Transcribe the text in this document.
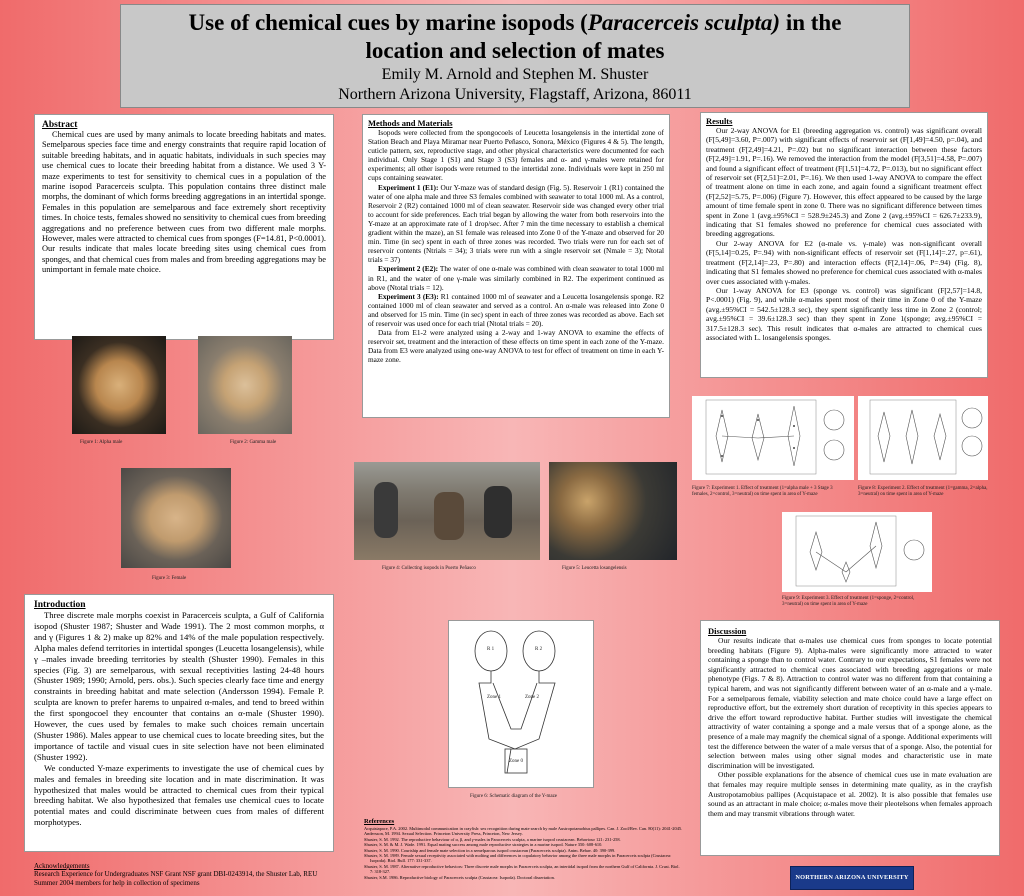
Use of chemical cues by marine isopods (Paracerceis sculpta) in the
location and selection of mates
Emily M. Arnold and Stephen M. Shuster
Northern Arizona University, Flagstaff, Arizona, 86011
Abstract

Chemical cues are used by many animals to locate breeding habitats and mates. Semelparous species face time and energy constraints that require rapid location of suitable breeding habitats, and in aquatic habitats, individuals in such species may use chemical cues to locate their breeding habitat from a distance. We used 3 Y-maze experiments to test for sensitivity to chemical cues in a population of the marine isopod Paracerceis sculpta. This population contains three distinct male morphs, the dominant of which forms breeding aggregations in an intertidal sponge. Females in this population are semelparous and face extremely short receptivity times. In choice tests, females showed no sensitivity to chemical cues from breeding aggregations and no preference between cues from two different male morphs. However, males were attracted to chemical cues from sponges (F=14.81, P<0.0001). Our results indicate that males locate breeding sites using chemical cues from sponges, and that chemical cues from males and from breeding aggregations may be unimportant in female mate choice.

Figure 1: Alpha male	Figure 2: Gamma male
Figure 3: Female
Methods and Materials

Isopods were collected from the spongocoels of Leucetta losangelensis in the intertidal zone of Station Beach and Playa Miramar near Puerto Peñasco, Sonora, México (Figures 4 & 5). The length, cuticle pattern, sex, reproductive stage, and other physical characteristics were documented for each individual. Only Stage 1 (S1) and Stage 3 (S3) females and α- and γ-males were retained for experiments; all other isopods were returned to the intertidal zone. Individuals were kept in 250 ml cups containing seawater.

Experiment 1 (E1): Our Y-maze was of standard design (Fig. 5). Reservoir 1 (R1) contained the water of one alpha male and three S3 females combined with seawater to total 1000 ml. As a control, Reservoir 2 (R2) contained 1000 ml of clean seawater. Reservoir side was changed every other trial to account for side preferences. Each trial began by allowing the water from both reservoirs into the Y-maze at an approximate rate of 1 drop/sec. After 7 min the time necessary to establish a chemical gradient within the maze), an S1 female was released into Zone 0 of the Y-maze and observed for 20 min. Time (in sec) spent in each of three zones was recorded. Two trials were run for each set of reservoir contents (Ntrials = 34); 3 trials were run with a single reservoir set (Nmale = 3); Ntotal trials = 37)

Experiment 2 (E2): The water of one α-male was combined with clean seawater to total 1000 ml in R1, and the water of one γ-male was similarly combined in R2. The experiment continued as above (Ntotal trials = 12).

Experiment 3 (E3): R1 contained 1000 ml of seawater and a Leucetta losangelensis sponge. R2 contained 1000 ml of clean seawater and served as a control. An α-male was released into Zone 0 and observed for 15 min. Time (in sec) spent in each of three zones was recorded as above. Each set of reservoir was used once for each trial (Ntotal trials = 20).

Data from E1-2 were analyzed using a 2-way and 1-way ANOVA to examine the effects of reservoir set, treatment and the interaction of these effects on time spent in each zone of the Y-maze. Data from E3 were analyzed using one-way ANOVA to test for effect of treatment on time in each Y-maze zone.

Figure 4: Collecting isopods in Puerto Peñasco	Figure 5: Leucetta losangelensis
Results

Our 2-way ANOVA for E1 (breeding aggregation vs. control) was significant overall (F[5,49]=3.60, P=.007) with significant effects of reservoir set (F[1,49]=4.50, p=.04), and treatment (F[2,49]=4.21, P=.02) but no significant interaction between these factors (F[2,49]=1.91, P=.16). We removed the interaction from the model (F[3,51]=4.58, P=.007) and found a significant effect of treatment (F[1,51]=4.72, P=.013), but no significant effect of reservoir set (F[2,51]=2.01, P=.16). We then used 1-way ANOVA to compare the effect of treatment alone on time in each zone, and again found a significant treatment effect (F[2,52]=5.75, P=.006) (Figure 7). However, this effect appeared to be caused by the large amount of time female spent in zone 0. There was no significant difference between times spent in Zone 1 (avg.±95%CI = 528.9±245.3) and Zone 2 (avg.±95%CI = 626.7±233.9), indicating that S1 females showed no preference for chemical cues associated with breeding aggregations.

Our 2-way ANOVA for E2 (α-male vs. γ-male) was non-significant overall (F[5,14]=0.25, P=.94) with non-significant effects of reservoir set (F[1,14]=.27, p=.61), treatment (F[2,14]=.23, P=.80) and interaction effects (F[2,14]=.06, P=.94) (Fig. 8), indicating that S1 females showed no preference for chemical cues associated with α-males over cues associated with γ-males.

Our 1-way ANOVA for E3 (sponge vs. control) was significant (F[2,57]=14.8, P<.0001) (Fig. 9), and while α-males spent most of their time in Zone 0 of the Y-maze (avg.±95%CI = 542.5±128.3 sec), they spent significantly less time in Zone 2 (control; avg.±95%CI = 39.6±128.3 sec) than they spent in Zone 1(sponge; avg.±95%CI = 317.5±128.3 sec). This result indicates that α-males are attracted to chemical cues associated with L. losangelensis sponges.

Figure 7: Experiment 1. Effect of treatment (1=alpha male + 3 Stage 3 females, 2=control, 3=neutral) on time spent in area of Y-maze
Figure 8: Experiment 2. Effect of treatment (1=gamma, 2=alpha, 3=neutral) on time spent in area of Y-maze
Figure 9: Experiment 3. Effect of treatment (1=sponge, 2=control, 3=neutral) on time spent in area of Y-maze
Introduction

Three discrete male morphs coexist in Paracerceis sculpta, a Gulf of California isopod (Shuster 1987; Shuster and Wade 1991). The 2 most common morphs, α and γ (Figures 1 & 2) make up 82% and 14% of the male population respectively. Alpha males defend territories in intertidal sponges (Leucetta losangelensis), while γ –males invade breeding territories by stealth (Shuster 1990). Females in this species (Fig. 3) are semelparous, with sexual receptivities lasting 24-48 hours (Shuster 1989; 1990; Arnold, pers. obs.). Such species clearly face time and energy constraints in breeding habitat and mate selection (Andersson 1994). Female P. sculpta are known to prefer harems to unpaired α-males, and tend to breed within the first spongocoel they encounter that contains an α-male (Shuster 1990). However, the cues used by females to make such choices remain uncertain (Shuster 1986). Males appear to use chemical cues to locate breeding sites, but the importance of tactile and visual cues in site selection have not been eliminated (Shuster 1992).

We conducted Y-maze experiments to investigate the use of chemical cues by males and females in breeding site location and in mate discrimination. It was hypothesized that males would be attracted to chemical cues from their typical breeding habitat. We also hypothesized that females use chemical cues to locate potential mates and could discriminate between cues from males of different morphotypes.

R 1	R 2
Zone 1	Zone 2
Zone 0
Figure 6: Schematic diagram of the Y-maze
References

Acquistapace, P.A. 2002. Multimodal communication in crayfish: sex recognition during mate search by male Austropotamobius pallipes. Can. J. Zool/Rev. Can. 80(11): 2041-2045.

Andersson, M. 1994. Sexual Selection. Princeton University Press, Princeton, New Jersey.

Shuster, S. M. 1992. The reproductive behaviour of α, β, and γ-males in Paracerceis sculpta, a marine isopod crustacean. Behaviour 121: 231-258.

Shuster, S. M. & M. J. Wade. 1991. Equal mating success among male reproductive strategies in a marine isopod. Nature 350: 608-610.

Shuster, S. M. 1990. Courtship and female mate selection in a semelparous isopod crustacean (Paracerceis sculpta). Anim. Behav. 40: 390-399.

Shuster, S. M. 1989. Female sexual receptivity associated with molting and differences in copulatory behavior among the three male morphs in Paracerceis sculpta (Crustacea: Isopoda). Biol. Bull. 177: 331-337.

Shuster, S. M. 1987. Alternative reproductive behaviors: Three discrete male morphs in Paracerceis sculpta, an intertidal isopod from the northern Gulf of California. J. Crust. Biol. 7: 318-327.

Shuster, S.M. 1986. Reproductive biology of Paracerceis sculpta (Crustacea: Isopoda). Doctoral dissertation.

Discussion

Our results indicate that α-males use chemical cues from sponges to locate potential breeding habitats (Figure 9). Alpha-males were significantly more attracted to water containing a sponge than to control water. Contrary to our expectations, S1 females were not significantly attracted to chemical cues associated with breeding aggregations or male phenotype (Figs. 7 & 8). Attraction to control water was no different from that containing a typical harem, and was not significantly different between water of an α-male and a γ-male. For a semelparous female, viability selection and mate choice could have a large effect on reproductive effort, but the extremely short duration of receptivity in this species appears to drive the effort toward reproductive habitat. Further studies will investigate the chemical attractivity of water containing a sponge and a male versus that of a sponge alone, as the presence of a male may magnify the chemical signal of a sponge. Additional experiments will test the difference between the water of a male versus that of a sponge. Also, the potential for selection between males using other signal modes and characteristic use in mate discrimination will be investigated.

Other possible explanations for the absence of chemical cues use in mate evaluation are that females may require multiple senses in determining mate quality, as in the crayfish Austropotamobius pallipes (Acquistapace et al. 2002). It is also possible that females use sound as an attractant in male choice; α-males move their pleotelsons when females approach them and may transmit vibrations through water.

Acknowledgements
Research Experience for Undergraduates NSF Grant NSF grant DBI-0243914, the Shuster Lab, REU
Summer 2004 members for help in collection of specimens
NORTHERN ARIZONA UNIVERSITY
